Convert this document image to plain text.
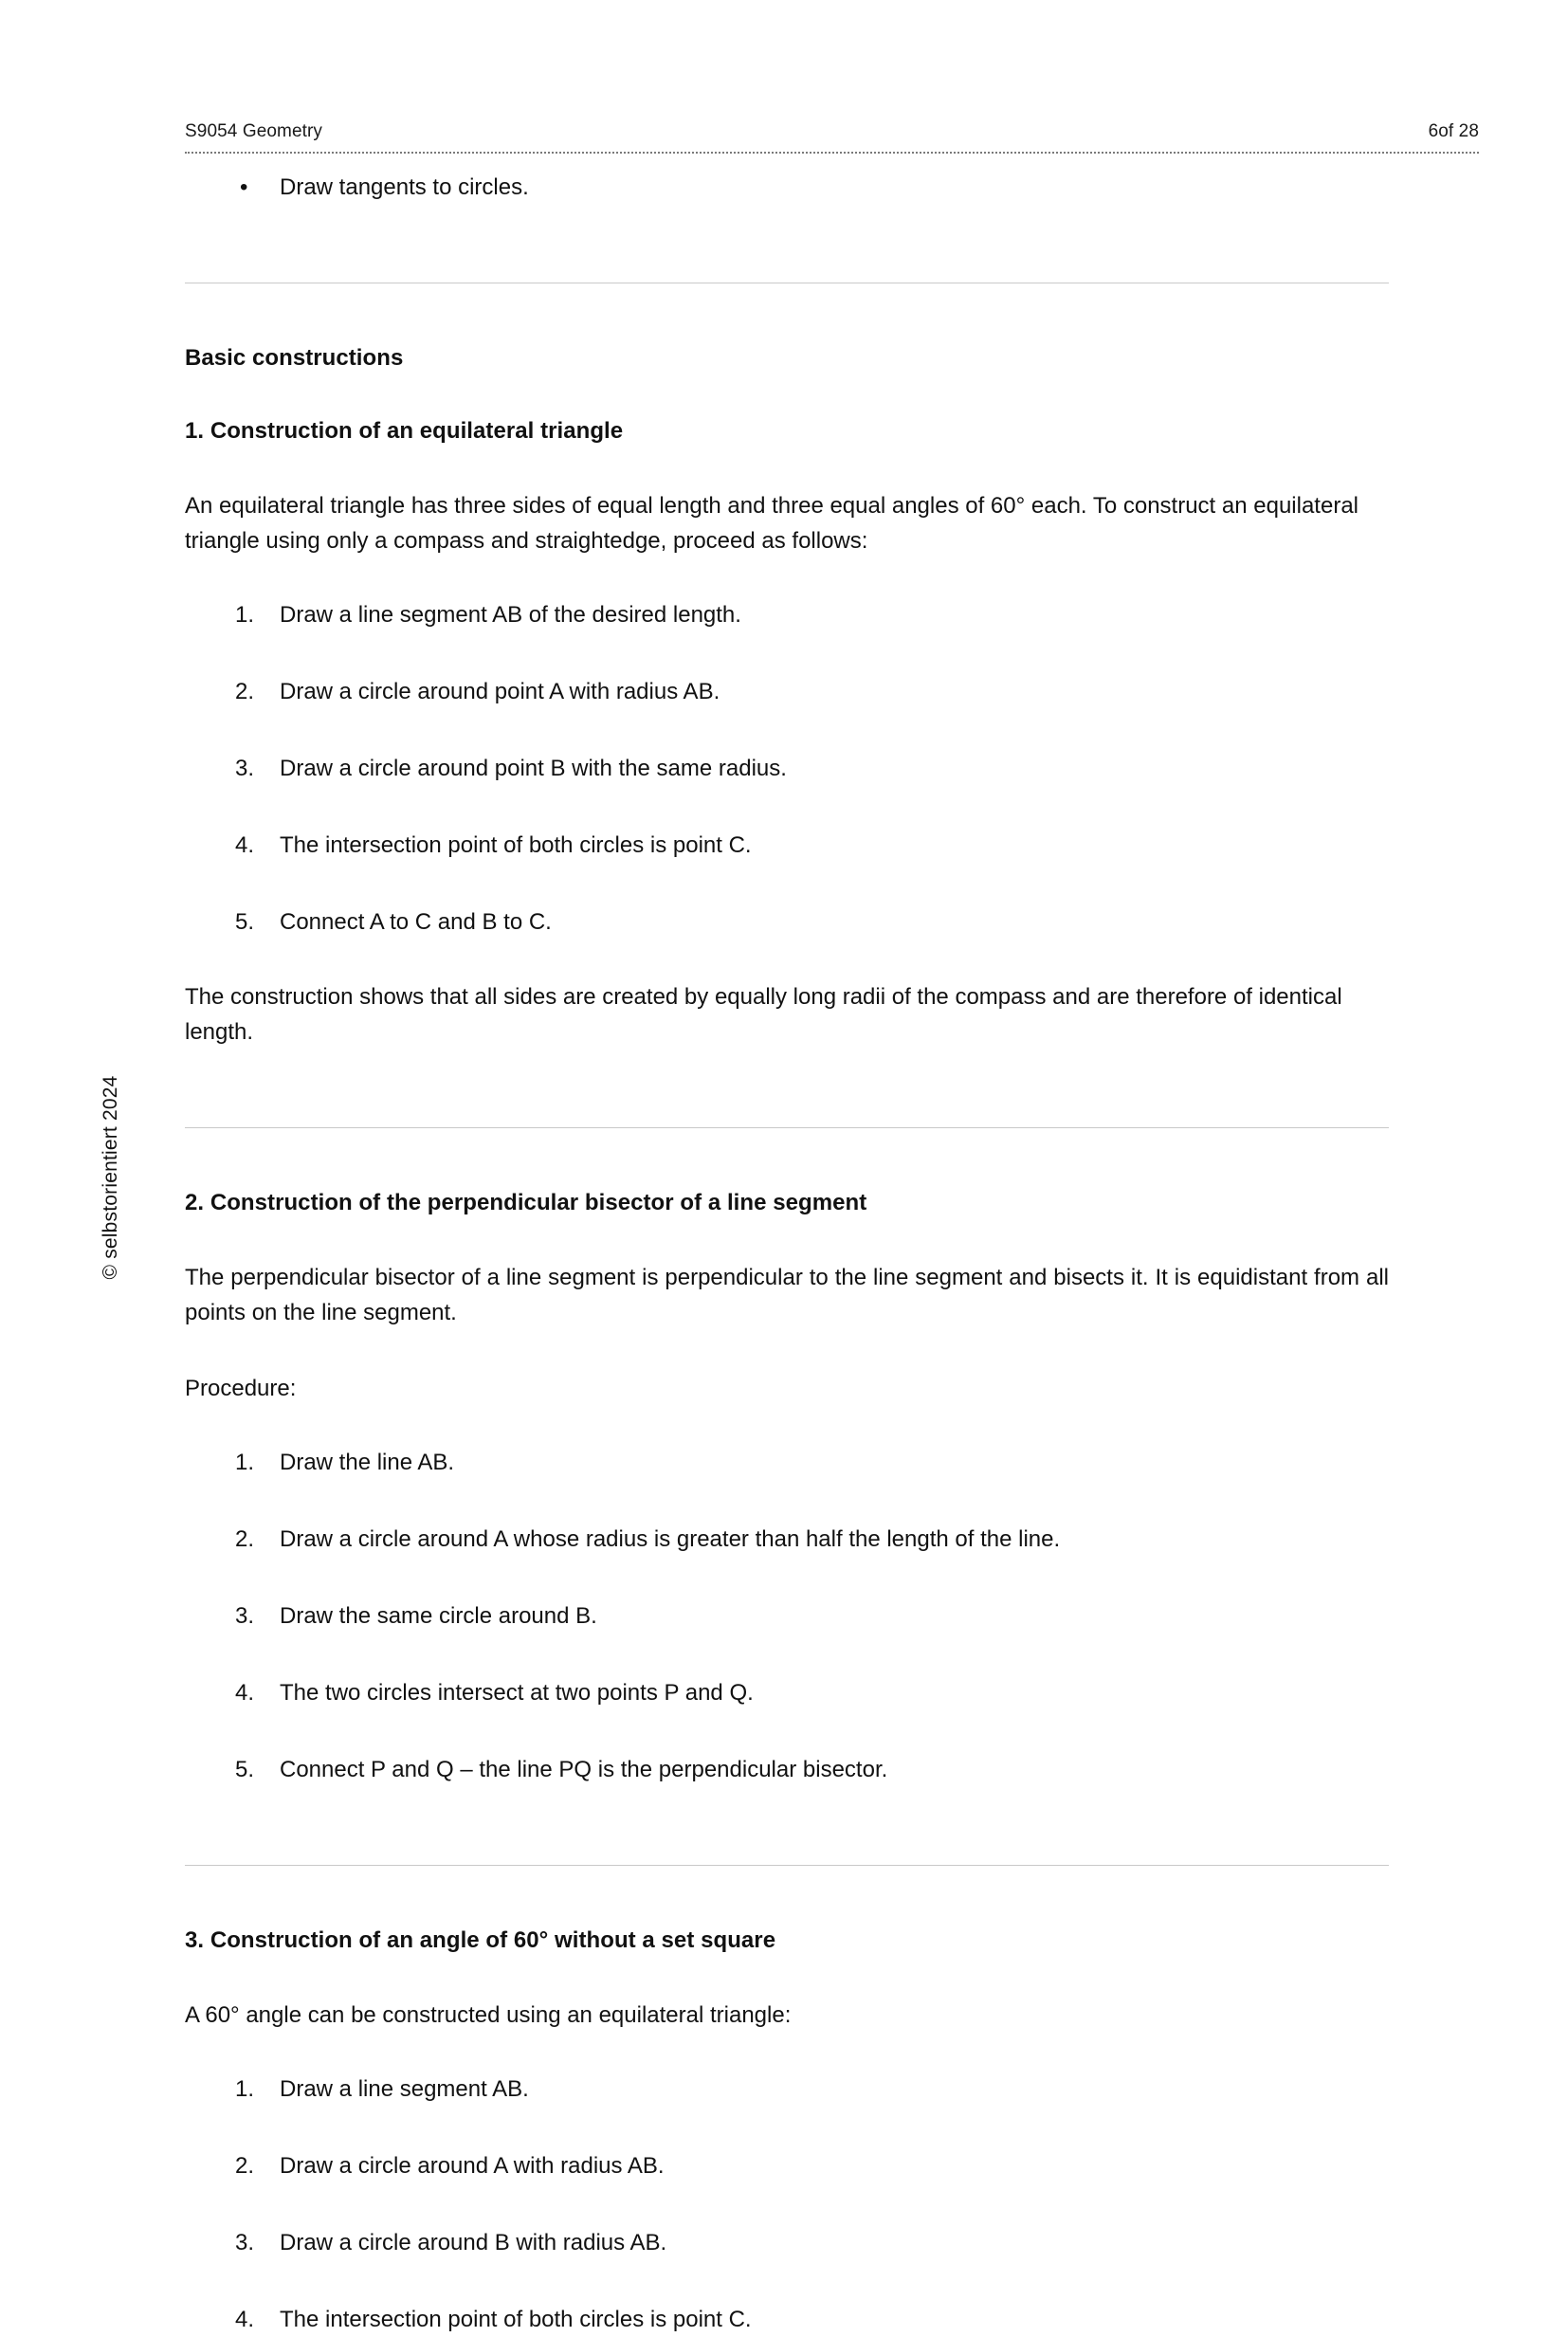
S9054 Geometry	6of 28
© selbstorientiert 2024
• Draw tangents to circles.
Basic constructions
1. Construction of an equilateral triangle

An equilateral triangle has three sides of equal length and three equal angles of 60° each. To construct an equilateral triangle using only a compass and straightedge, proceed as follows:

1.	Draw a line segment AB of the desired length.
2.	Draw a circle around point A with radius AB.
3.	Draw a circle around point B with the same radius.
4.	The intersection point of both circles is point C.
5.	Connect A to C and B to C.

The construction shows that all sides are created by equally long radii of the compass and are therefore of identical length.

2. Construction of the perpendicular bisector of a line segment

The perpendicular bisector of a line segment is perpendicular to the line segment and bisects it. It is equidistant from all points on the line segment.

Procedure:

1.	Draw the line AB.
2.	Draw a circle around A whose radius is greater than half the length of the line.
3.	Draw the same circle around B.
4.	The two circles intersect at two points P and Q.
5.	Connect P and Q – the line PQ is the perpendicular bisector.
3. Construction of an angle of 60° without a set square

A 60° angle can be constructed using an equilateral triangle:

1.	Draw a line segment AB.
2.	Draw a circle around A with radius AB.
3.	Draw a circle around B with radius AB.
4.	The intersection point of both circles is point C.
